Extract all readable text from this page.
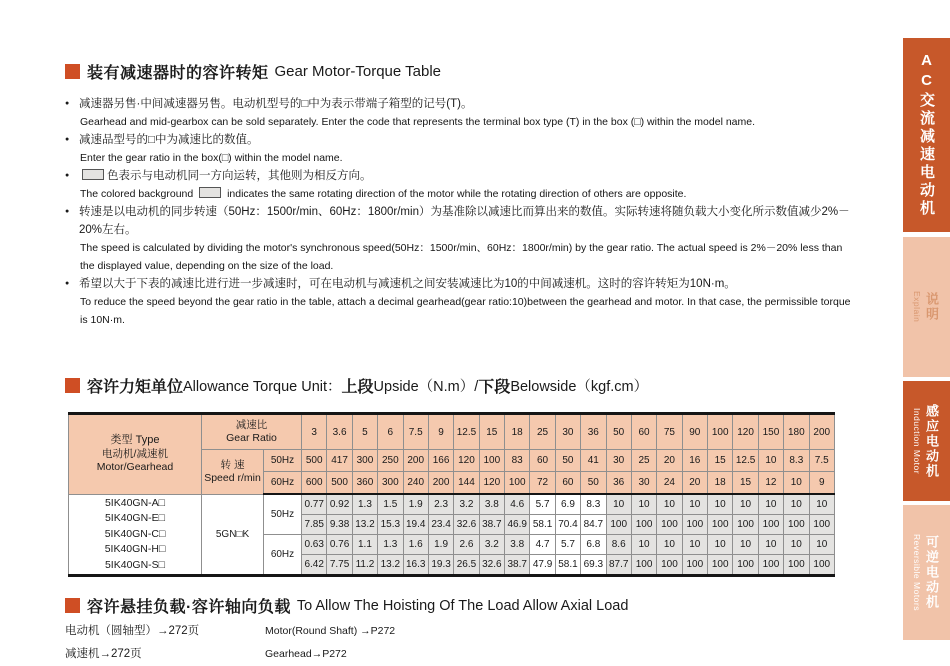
装有减速器时的容许转矩 Gear Motor-Torque Table
● 减速器另售·中间减速器另售。电动机型号的□中为表示带端子箱型的记号(T)。
Gearhead and mid-gearbox can be sold separately. Enter the code that represents the terminal box type (T) in the box (□) within the model name.
● 减速品型号的□中为减速比的数值。
Enter the gear ratio in the box(□) within the model name.
●	色表示与电动机同一方向运转，其他则为相反方向。
The colored background	indicates the same rotating direction of the motor while the rotating direction of others are opposite.
● 转速是以电动机的同步转速（50Hz：1500r/min、60Hz：1800r/min）为基准除以减速比而算出来的数值。实际转速将随负载大小变化所示数值减少2%－20%左右。
The speed is calculated by dividing the motor's synchronous speed(50Hz：1500r/min、60Hz：1800r/min) by the gear ratio. The actual speed is 2%－20% less than the displayed value, depending on the size of the load.
● 希望以大于下表的减速比进行进一步减速时，可在电动机与减速机之间安装减速比为10的中间减速机。这时的容许转矩为10N·m。
To reduce the speed beyond the gear ratio in the table, attach a decimal gearhead(gear ratio:10)between the gearhead and motor. In that case, the permissible torque is 10N·m.
容许力矩单位 Allowance Torque Unit： 上段 Upside（N.m）/ 下段 Belowside（kgf.cm）
类型 Type
电动机/减速机
Motor/Gearhead

减速比
Gear Ratio	3	3.6	5	6	7.5	9	12.5	15	18	25	30	36	50	60	75	90	100	120	150	180	200

	转 速
Speed r/min	50Hz	500	417	300	250	200	166	120	100	83	60	50	41	30	25	20	16	15	12.5	10	8.3	7.5
		60Hz	600	500	360	300	240	200	144	120	100	72	60	50	36	30	24	20	18	15	12	10	9

5IK40GN-A□
5IK40GN-E□
5IK40GN-C□
5IK40GN-H□
5IK40GN-S□	5GN□K	50Hz	0.77	0.92	1.3	1.5	1.9	2.3	3.2	3.8	4.6	5.7	6.9	8.3	10	10	10	10	10	10	10	10	10
			7.85	9.38	13.2	15.3	19.4	23.4	32.6	38.7	46.9	58.1	70.4	84.7	100	100	100	100	100	100	100	100	100
		60Hz	0.63	0.76	1.1	1.3	1.6	1.9	2.6	3.2	3.8	4.7	5.7	6.8	8.6	10	10	10	10	10	10	10	10
			6.42	7.75	11.2	13.2	16.3	19.3	26.5	32.6	38.7	47.9	58.1	69.3	87.7	100	100	100	100	100	100	100	100
容许悬挂负载·容许轴向负载 To Allow The Hoisting Of The Load Allow Axial Load
电动机（圆轴型）→272页	Motor(Round Shaft) →P272
减速机→272页	Gearhead→P272
AC交流减速电动机
说明
Explain
感应电动机
Induction Motor
可逆电动机
Reversible Motors
